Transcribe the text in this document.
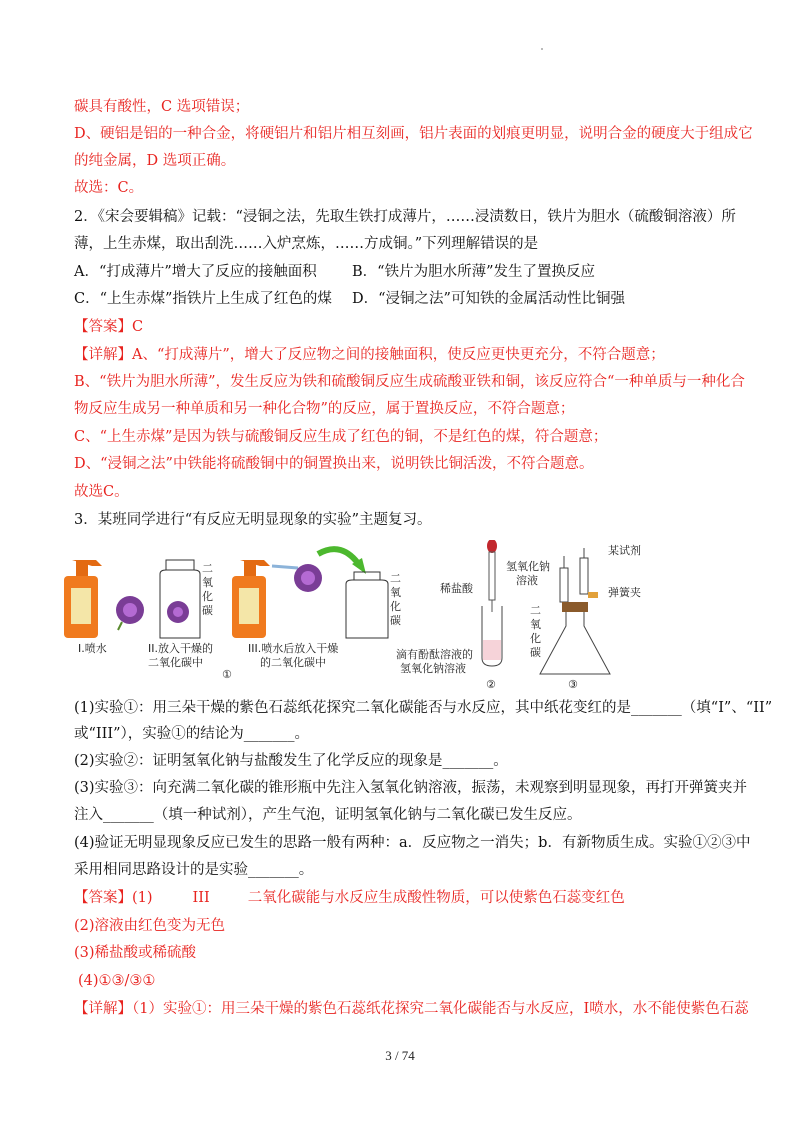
碳具有酸性，C 选项错误；
D、硬铝是铝的一种合金，将硬铝片和铝片相互刻画，铝片表面的划痕更明显，说明合金的硬度大于组成它
的纯金属，D 选项正确。
故选：C。
2．《宋会要辑稿》记载：“浸铜之法，先取生铁打成薄片，……浸渍数日，铁片为胆水（硫酸铜溶液）所
薄，上生赤煤，取出刮洗……入炉烹炼，……方成铜。”下列理解错误的是
A．“打成薄片”增大了反应的接触面积 B．“铁片为胆水所薄”发生了置换反应
C．“上生赤煤”指铁片上生成了红色的煤 D．“浸铜之法”可知铁的金属活动性比铜强
【答案】C
【详解】A、“打成薄片”，增大了反应物之间的接触面积，使反应更快更充分，不符合题意；
B、“铁片为胆水所薄”，发生反应为铁和硫酸铜反应生成硫酸亚铁和铜，该反应符合“一种单质与一种化合
物反应生成另一种单质和另一种化合物”的反应，属于置换反应，不符合题意；
C、“上生赤煤”是因为铁与硫酸铜反应生成了红色的铜，不是红色的煤，符合题意；
D、“浸铜之法”中铁能将硫酸铜中的铜置换出来，说明铁比铜活泼，不符合题意。
故选C。
3．某班同学进行“有反应无明显现象的实验”主题复习。
二氧化碳
二氧化碳
I.喷水	II.放入干燥的
二氧化碳中
III.喷水后放入干燥
的二氧化碳中
①
稀盐酸
滴有酚酞溶液的
氢氧化钠溶液
②
氢氧化钠
溶液
某试剂
弹簧夹
二氧化碳
③
(1)实验①：用三朵干燥的紫色石蕊纸花探究二氧化碳能否与水反应，其中纸花变红的是_______（填“I”、“II”
或“III”），实验①的结论为_______。
(2)实验②：证明氢氧化钠与盐酸发生了化学反应的现象是_______。
(3)实验③：向充满二氧化碳的锥形瓶中先注入氢氧化钠溶液，振荡，未观察到明显现象，再打开弹簧夹并
注入_______（填一种试剂），产生气泡，证明氢氧化钠与二氧化碳已发生反应。
(4)验证无明显现象反应已发生的思路一般有两种：a．反应物之一消失；b．有新物质生成。实验①②③中
采用相同思路设计的是实验_______。
【答案】(1)	III	二氧化碳能与水反应生成酸性物质，可以使紫色石蕊变红色
(2)溶液由红色变为无色
(3)稀盐酸或稀硫酸
(4)①③/③①
【详解】（1）实验①：用三朵干燥的紫色石蕊纸花探究二氧化碳能否与水反应，I喷水，水不能使紫色石蕊
3 / 74
